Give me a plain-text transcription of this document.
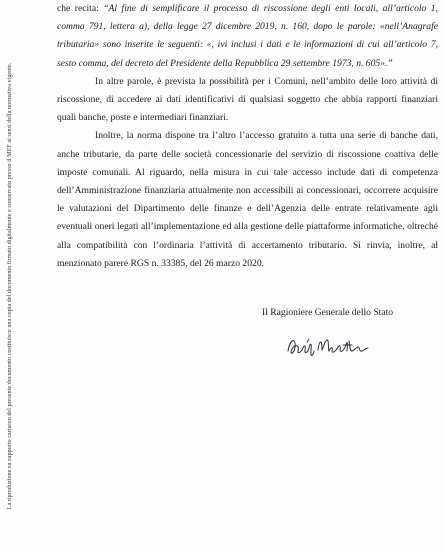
La riproduzione su supporto cartaceo del presente documento costituisce una copia del documento firmato digitalmente e conservato presso il MEF ai sensi della normativa vigente.

che recita: “Al fine di semplificare il processo di riscossione degli enti locali, all’articolo 1, comma 791, lettera a), della legge 27 dicembre 2019, n. 160, dopo le parole: «nell’Anagrafe tributaria» sono inserite le seguenti: «, ivi inclusi i dati e le informazioni di cui all’articolo 7, sesto comma, del decreto del Presidente della Repubblica 29 settembre 1973, n. 605».”

In altre parole, è prevista la possibilità per i Comuni, nell’ambito delle loro attività di riscossione, di accedere ai dati identificativi di qualsiasi soggetto che abbia rapporti finanziari quali banche, poste e intermediari finanziari.

Inoltre, la norma dispone tra l’altro l’accesso gratuito a tutta una serie di banche dati, anche tributarie, da parte delle società concessionarie del servizio di riscossione coattiva delle imposte comunali. Al riguardo, nella misura in cui tale accesso include dati di competenza dell’Amministrazione finanziaria attualmente non accessibili ai concessionari, occorrere acquisire le valutazioni del Dipartimento delle finanze e dell’Agenzia delle entrate relativamente agli eventuali oneri legati all’implementazione ed alla gestione delle piattaforme informatiche, oltreché alla compatibilità con l’ordinaria l’attività di accertamento tributario. Si rinvia, inoltre, al menzionato parere RGS n. 33385, del 26 marzo 2020.

Il Ragioniere Generale dello Stato
